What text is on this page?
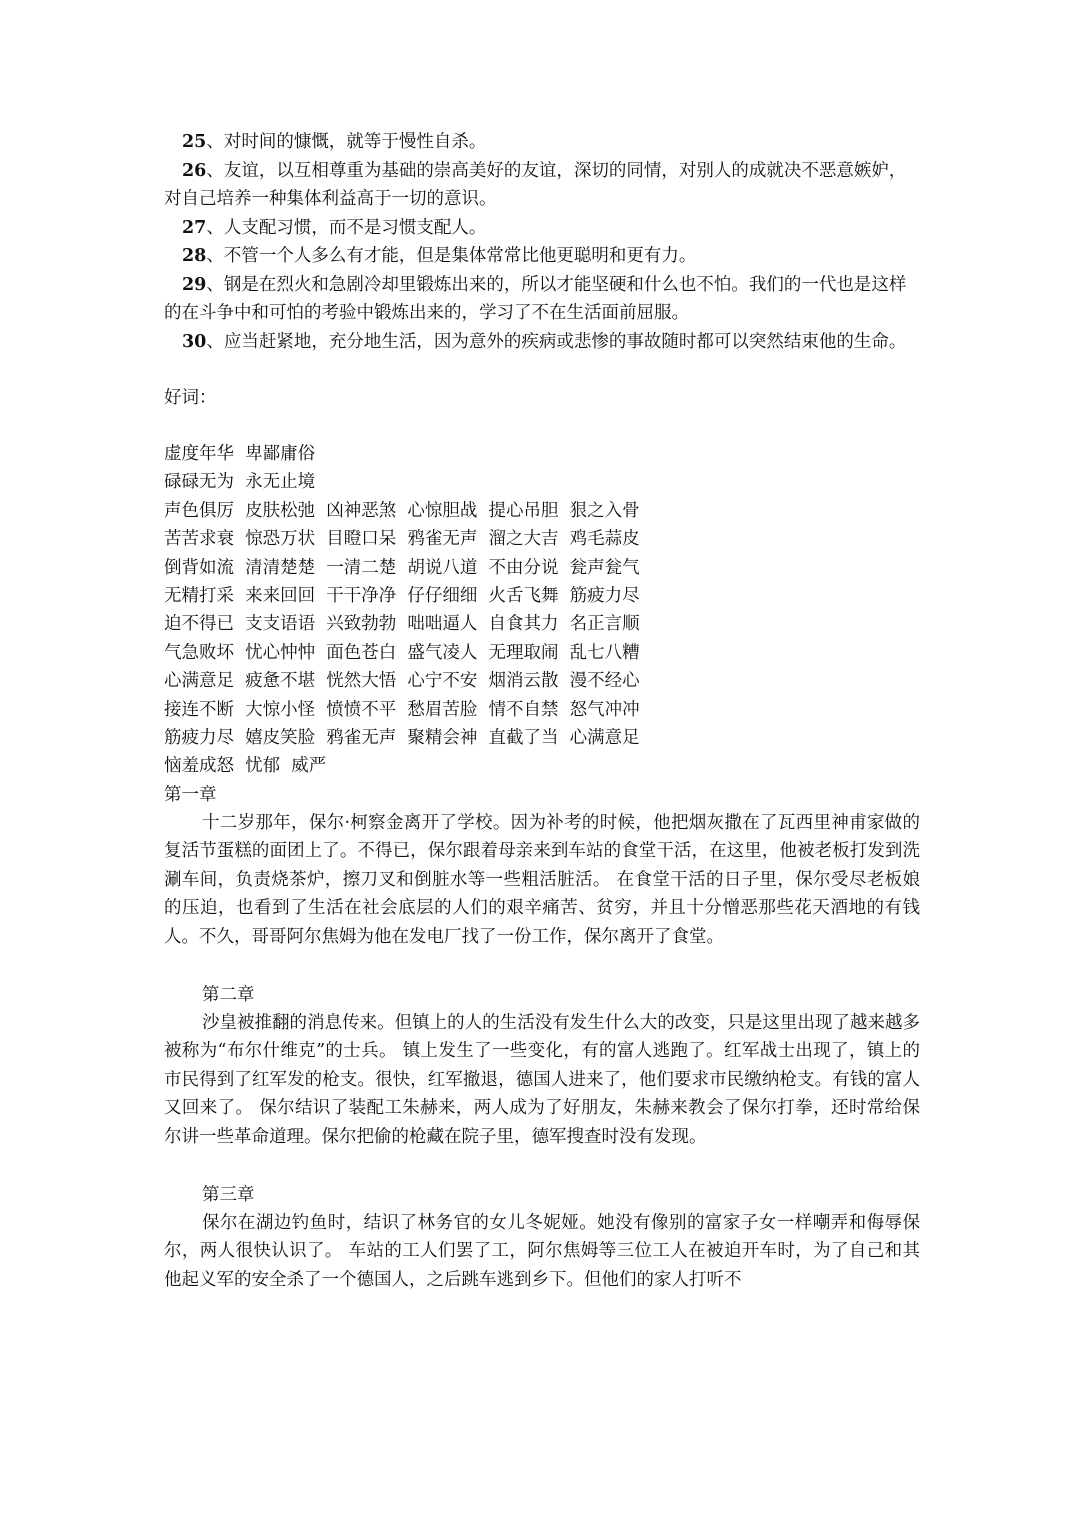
25、对时间的慷慨，就等于慢性自杀。

26、友谊，以互相尊重为基础的崇高美好的友谊，深切的同情，对别人的成就决不恶意嫉妒，对自己培养一种集体利益高于一切的意识。

27、人支配习惯，而不是习惯支配人。

28、不管一个人多么有才能，但是集体常常比他更聪明和更有力。

29、钢是在烈火和急剧冷却里锻炼出来的，所以才能坚硬和什么也不怕。我们的一代也是这样的在斗争中和可怕的考验中锻炼出来的，学习了不在生活面前屈服。

30、应当赶紧地，充分地生活，因为意外的疾病或悲惨的事故随时都可以突然结束他的生命。

好词：

虚度年华  卑鄙庸俗

碌碌无为  永无止境

声色俱厉  皮肤松弛  凶神恶煞  心惊胆战  提心吊胆  狠之入骨

苦苦求衰  惊恐万状  目瞪口呆  鸦雀无声  溜之大吉  鸡毛蒜皮

倒背如流  清清楚楚  一清二楚  胡说八道  不由分说  瓮声瓮气

无精打采  来来回回  干干净净  仔仔细细  火舌飞舞  筋疲力尽

迫不得已  支支语语  兴致勃勃  咄咄逼人  自食其力  名正言顺

气急败坏  忧心忡忡  面色苍白  盛气凌人  无理取闹  乱七八糟

心满意足  疲惫不堪  恍然大悟  心宁不安  烟消云散  漫不经心

接连不断  大惊小怪  愤愤不平  愁眉苦脸  情不自禁  怒气冲冲

筋疲力尽  嬉皮笑脸  鸦雀无声  聚精会神  直截了当  心满意足

恼羞成怒  忧郁  威严

第一章

十二岁那年，保尔·柯察金离开了学校。因为补考的时候，他把烟灰撒在了瓦西里神甫家做的复活节蛋糕的面团上了。不得已，保尔跟着母亲来到车站的食堂干活，在这里，他被老板打发到洗涮车间，负责烧茶炉，擦刀叉和倒脏水等一些粗活脏活。 在食堂干活的日子里，保尔受尽老板娘的压迫，也看到了生活在社会底层的人们的艰辛痛苦、贫穷，并且十分憎恶那些花天酒地的有钱人。不久，哥哥阿尔焦姆为他在发电厂找了一份工作，保尔离开了食堂。

第二章

沙皇被推翻的消息传来。但镇上的人的生活没有发生什么大的改变，只是这里出现了越来越多被称为“布尔什维克”的士兵。 镇上发生了一些变化，有的富人逃跑了。红军战士出现了，镇上的市民得到了红军发的枪支。很快，红军撤退，德国人进来了，他们要求市民缴纳枪支。有钱的富人又回来了。 保尔结识了装配工朱赫来，两人成为了好朋友，朱赫来教会了保尔打拳，还时常给保尔讲一些革命道理。保尔把偷的枪藏在院子里，德军搜查时没有发现。

第三章

保尔在湖边钓鱼时，结识了林务官的女儿冬妮娅。她没有像别的富家子女一样嘲弄和侮辱保尔，两人很快认识了。 车站的工人们罢了工，阿尔焦姆等三位工人在被迫开车时，为了自己和其他起义军的安全杀了一个德国人，之后跳车逃到乡下。但他们的家人打听不
